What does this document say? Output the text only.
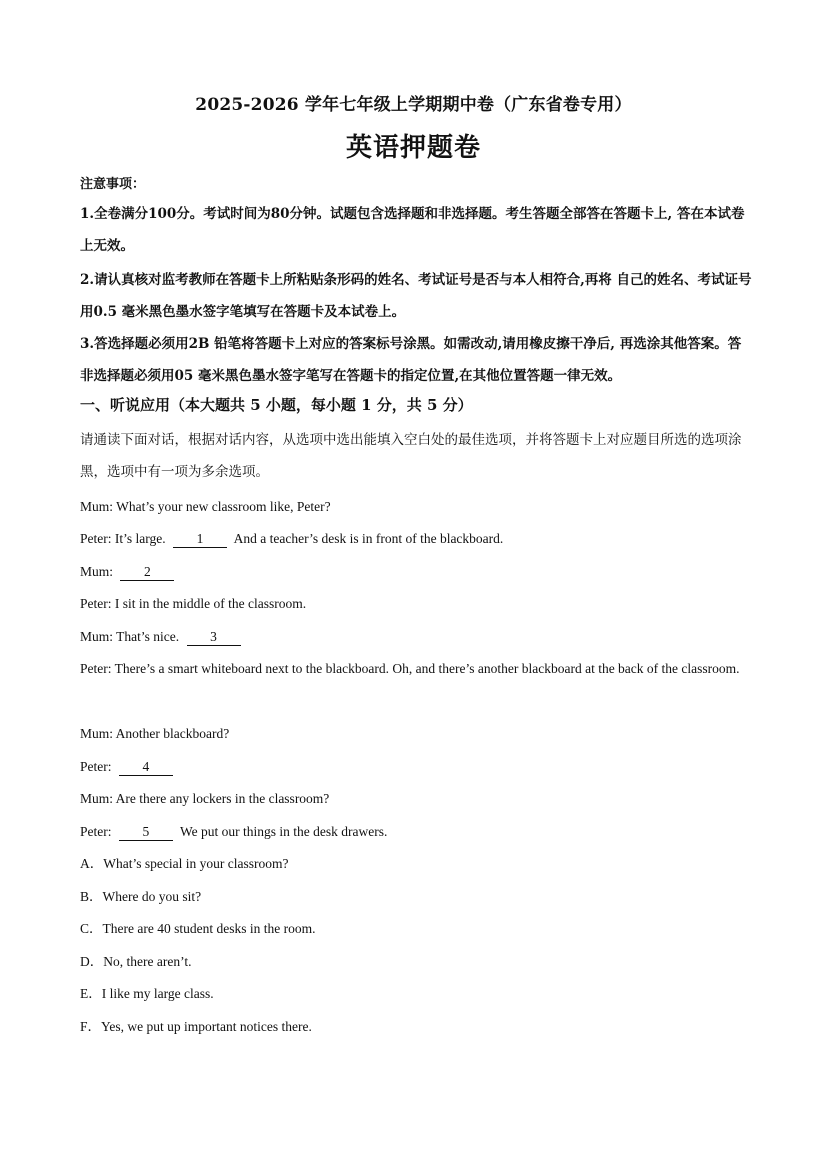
2025-2026 学年七年级上学期期中卷（广东省卷专用）
英语押题卷
注意事项：
1.全卷满分100分。考试时间为80分钟。试题包含选择题和非选择题。考生答题全部答在答题卡上, 答在本试卷上无效。
2.请认真核对监考教师在答题卡上所粘贴条形码的姓名、考试证号是否与本人相符合,再将 自己的姓名、考试证号用0.5 毫米黑色墨水签字笔填写在答题卡及本试卷上。
3.答选择题必须用2B 铅笔将答题卡上对应的答案标号涂黑。如需改动,请用橡皮擦干净后, 再选涂其他答案。答非选择题必须用05 毫米黑色墨水签字笔写在答题卡的指定位置,在其他位置答题一律无效。
一、听说应用（本大题共 5 小题，每小题 1 分，共 5 分）
请通读下面对话，根据对话内容，从选项中选出能填入空白处的最佳选项，并将答题卡上对应题目所选的选项涂黑，选项中有一项为多余选项。
Mum: What’s your new classroom like, Peter?
Peter: It’s large. 1 And a teacher’s desk is in front of the blackboard.
Mum: 2
Peter: I sit in the middle of the classroom.
Mum: That’s nice. 3
Peter: There’s a smart whiteboard next to the blackboard. Oh, and there’s another blackboard at the back of the classroom.
Mum: Another blackboard?
Peter: 4
Mum: Are there any lockers in the classroom?
Peter: 5 We put our things in the desk drawers.
A．What’s special in your classroom?
B．Where do you sit?
C．There are 40 student desks in the room.
D．No, there aren’t.
E．I like my large class.
F．Yes, we put up important notices there.
